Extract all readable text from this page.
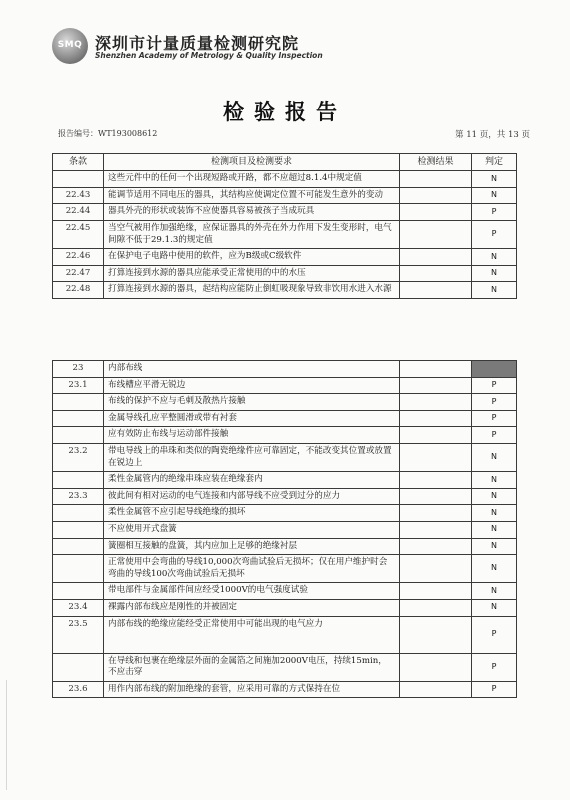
SMQ 深圳市计量质量检测研究院
Shenzhen Academy of Metrology & Quality Inspection
检验报告
报告编号：WT193008612	第 11 页，共 13 页
条款	检测项目及检测要求	检测结果	判定
	这些元件中的任何一个出现短路或开路，都不应超过8.1.4中规定值		N
22.43	能调节适用不同电压的器具，其结构应使调定位置不可能发生意外的变动		N
22.44	器具外壳的形状或装饰不应使器具容易被孩子当成玩具		P
22.45	当空气被用作加强绝缘，应保证器具的外壳在外力作用下发生变形时，电气间隙不低于29.1.3的规定值		P
22.46	在保护电子电路中使用的软件，应为B级或C级软件		N
22.47	打算连接到水源的器具应能承受正常使用的中的水压		N
22.48	打算连接到水源的器具，起结构应能防止倒虹吸现象导致非饮用水进入水源		N
23	内部布线		
23.1	布线槽应平滑无锐边		P
	布线的保护不应与毛刺及散热片接触		P
	金属导线孔应平整圆滑或带有衬套		P
	应有效防止布线与运动部件接触		P
23.2	带电导线上的串珠和类似的陶瓷绝缘件应可靠固定，不能改变其位置或放置在锐边上		N
	柔性金属管内的绝缘串珠应装在绝缘套内		N
23.3	彼此间有相对运动的电气连接和内部导线不应受到过分的应力		N
	柔性金属管不应引起导线绝缘的损坏		N
	不应使用开式盘簧		N
	簧圈相互接触的盘簧，其内应加上足够的绝缘衬层		N
	正常使用中会弯曲的导线10,000次弯曲试验后无损坏；仅在用户维护时会弯曲的导线100次弯曲试验后无损坏		N
	带电部件与金属部件间应经受1000V的电气强度试验		N
23.4	裸露内部布线应是刚性的并被固定		N
23.5	内部布线的绝缘应能经受正常使用中可能出现的电气应力		P
	在导线和包裹在绝缘层外面的金属箔之间施加2000V电压，持续15min，不应击穿		P
23.6	用作内部布线的附加绝缘的套管，应采用可靠的方式保持在位		P
